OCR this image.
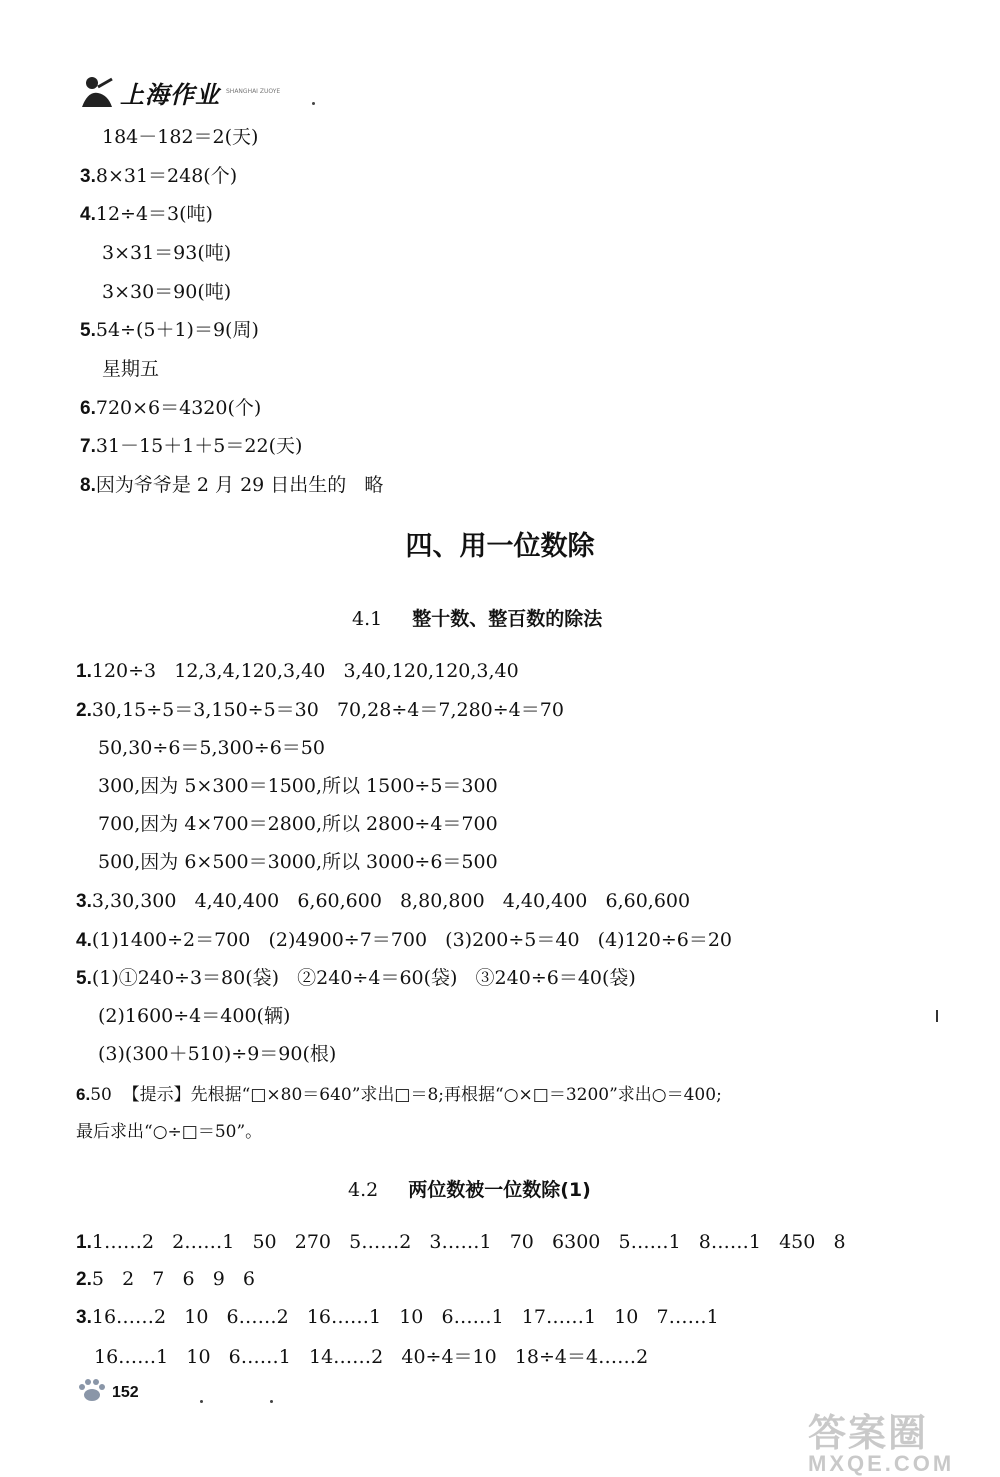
上海作业 SHANGHAI ZUOYE
184－182＝2(天)
3.8×31＝248(个)
4.12÷4＝3(吨)
3×31＝93(吨)
3×30＝90(吨)
5.54÷(5＋1)＝9(周)
星期五
6.720×6＝4320(个)
7.31－15＋1＋5＝22(天)
8.因为爷爷是 2 月 29 日出生的   略
四、用一位数除
4.1 整十数、整百数的除法
1.120÷3   12,3,4,120,3,40   3,40,120,120,3,40
2.30,15÷5＝3,150÷5＝30   70,28÷4＝7,280÷4＝70
50,30÷6＝5,300÷6＝50
300,因为 5×300＝1500,所以 1500÷5＝300
700,因为 4×700＝2800,所以 2800÷4＝700
500,因为 6×500＝3000,所以 3000÷6＝500
3.3,30,300   4,40,400   6,60,600   8,80,800   4,40,400   6,60,600
4.(1)1400÷2＝700   (2)4900÷7＝700   (3)200÷5＝40   (4)120÷6＝20
5.(1)①240÷3＝80(袋)   ②240÷4＝60(袋)   ③240÷6＝40(袋)
(2)1600÷4＝400(辆)
(3)(300＋510)÷9＝90(根)
6.50  【提示】先根据“□×80＝640”求出□＝8;再根据“○×□＝3200”求出○＝400;
最后求出“○÷□＝50”。
4.2 两位数被一位数除(1)
1.1……2   2……1   50   270   5……2   3……1   70   6300   5……1   8……1   450   8
2.5   2   7   6   9   6
3.16……2   10   6……2   16……1   10   6……1   17……1   10   7……1
16……1   10   6……1   14……2   40÷4＝10   18÷4＝4……2
152
答案圈
MXQE.COM
